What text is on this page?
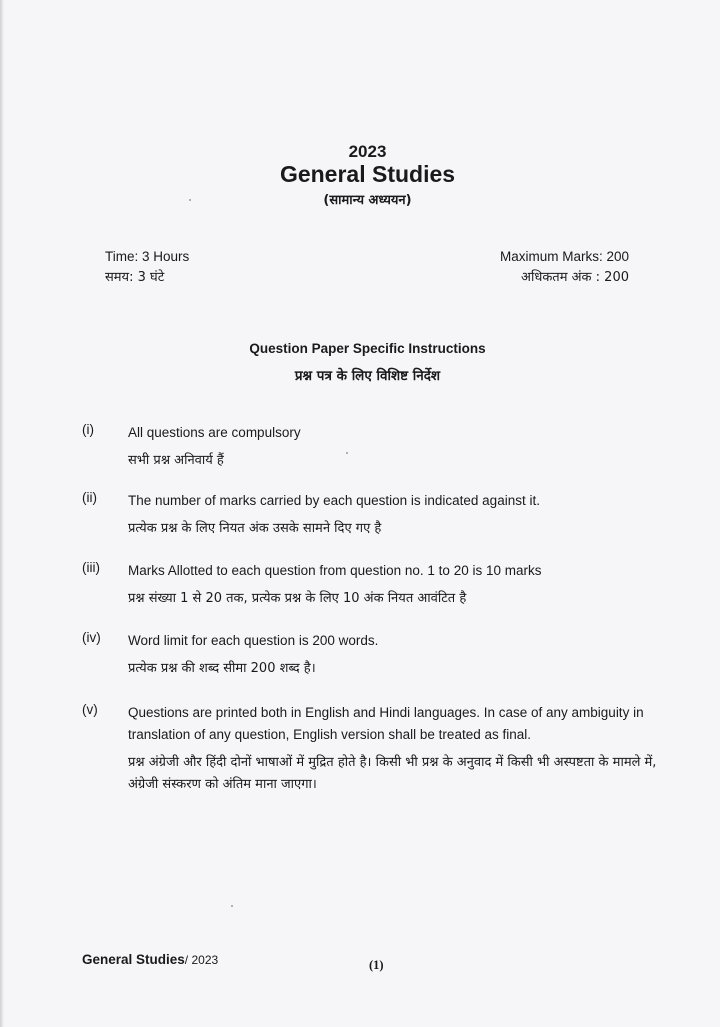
2023
General Studies
(सामान्य अध्ययन)
Time: 3 Hours
समय: 3 घंटे
Maximum Marks: 200
अधिकतम अंक : 200
Question Paper Specific Instructions
प्रश्न पत्र के लिए विशिष्ट निर्देश
(i)	All questions are compulsory
सभी प्रश्न अनिवार्य हैं
(ii) The number of marks carried by each question is indicated against it.
प्रत्येक प्रश्न के लिए नियत अंक उसके सामने दिए गए है
(iii) Marks Allotted to each question from question no. 1 to 20 is 10 marks
प्रश्न संख्या 1 से 20 तक, प्रत्येक प्रश्न के लिए 10 अंक नियत आवंटित है
(iv) Word limit for each question is 200 words.
प्रत्येक प्रश्न की शब्द सीमा 200 शब्द है।
(v) Questions are printed both in English and Hindi languages. In case of any ambiguity in translation of any question, English version shall be treated as final.
प्रश्न अंग्रेजी और हिंदी दोनों भाषाओं में मुद्रित होते है। किसी भी प्रश्न के अनुवाद में किसी भी अस्पष्टता के मामले में, अंग्रेजी संस्करण को अंतिम माना जाएगा।
General Studies/ 2023	(1)
